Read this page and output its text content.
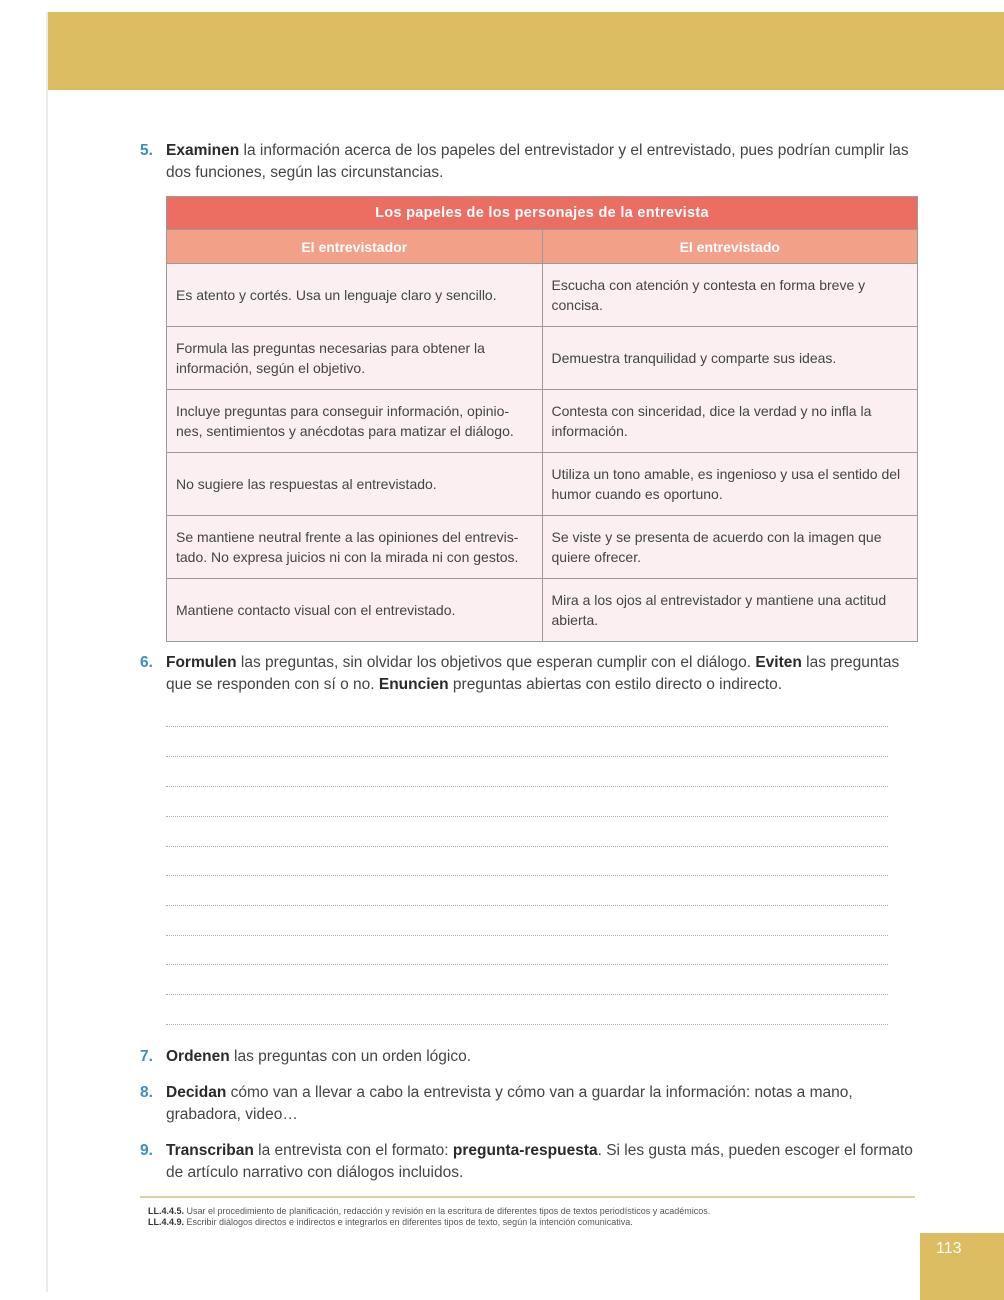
5. Examinen la información acerca de los papeles del entrevistador y el entrevistado, pues podrían cumplir las dos funciones, según las circunstancias.
Los papeles de los personajes de la entrevista	
El entrevistador	El entrevistado
Es atento y cortés. Usa un lenguaje claro y sencillo.	Escucha con atención y contesta en forma breve y concisa.
Formula las preguntas necesarias para obtener la información, según el objetivo.	Demuestra tranquilidad y comparte sus ideas.
Incluye preguntas para conseguir información, opinio-nes, sentimientos y anécdotas para matizar el diálogo.	Contesta con sinceridad, dice la verdad y no infla la información.
No sugiere las respuestas al entrevistado.	Utiliza un tono amable, es ingenioso y usa el sentido del humor cuando es oportuno.
Se mantiene neutral frente a las opiniones del entrevis-tado. No expresa juicios ni con la mirada ni con gestos.	Se viste y se presenta de acuerdo con la imagen que quiere ofrecer.
Mantiene contacto visual con el entrevistado.	Mira a los ojos al entrevistador y mantiene una actitud abierta.
6. Formulen las preguntas, sin olvidar los objetivos que esperan cumplir con el diálogo. Eviten las preguntas que se responden con sí o no. Enuncien preguntas abiertas con estilo directo o indirecto.
7. Ordenen las preguntas con un orden lógico.
8. Decidan cómo van a llevar a cabo la entrevista y cómo van a guardar la información: notas a mano, grabadora, video…
9. Transcriban la entrevista con el formato: pregunta-respuesta. Si les gusta más, pueden escoger el formato de artículo narrativo con diálogos incluidos.
LL.4.4.5. Usar el procedimiento de planificación, redacción y revisión en la escritura de diferentes tipos de textos periodísticos y académicos.
LL.4.4.9. Escribir diálogos directos e indirectos e integrarlos en diferentes tipos de texto, según la intención comunicativa.
113
